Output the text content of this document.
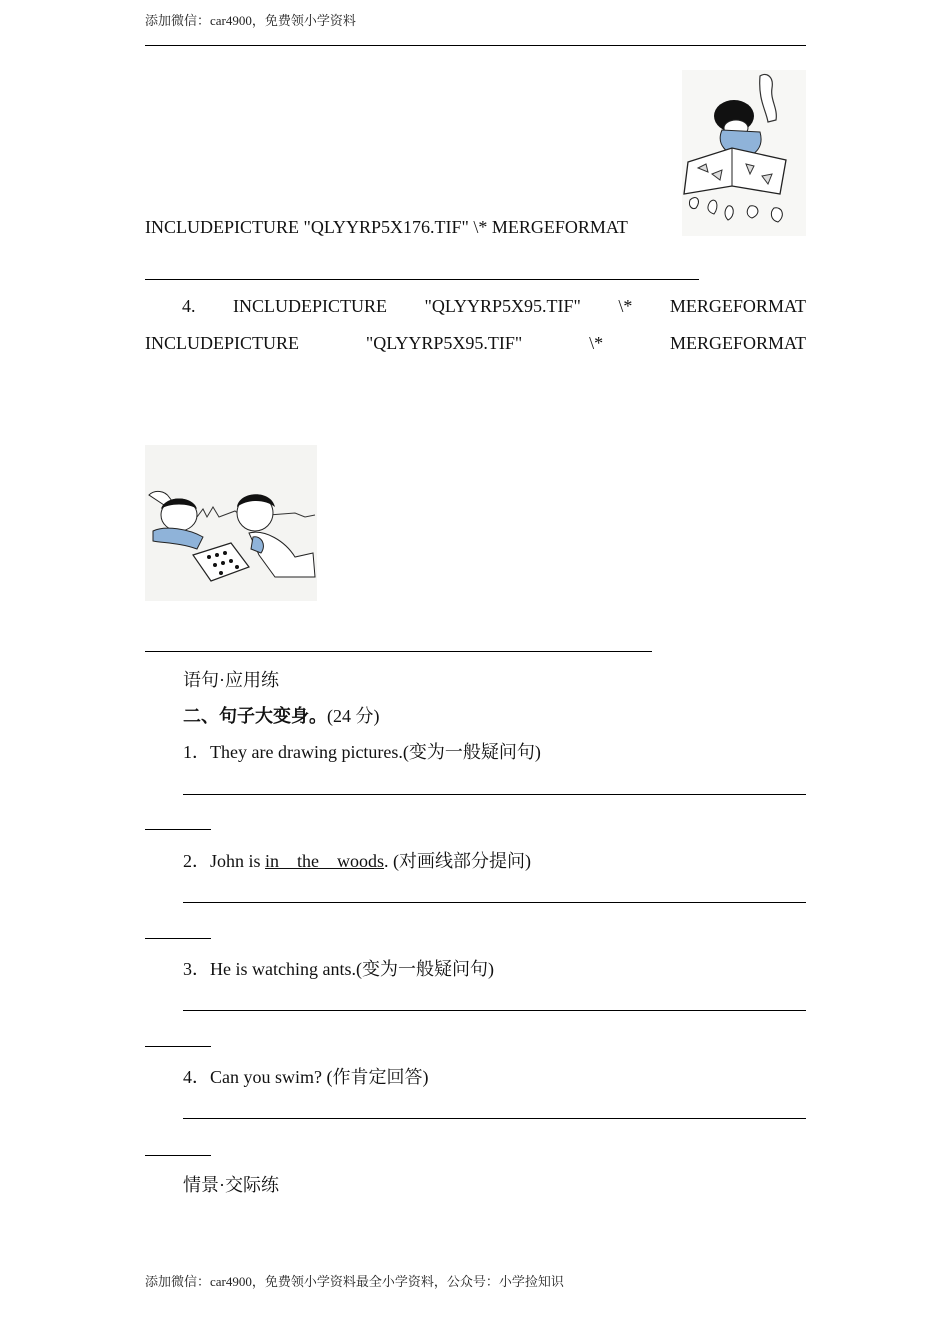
添加微信：car4900，免费领小学资料
INCLUDEPICTURE "QLYYRP5X176.TIF" \* MERGEFORMAT
4. INCLUDEPICTURE "QLYYRP5X95.TIF" \* MERGEFORMAT
INCLUDEPICTURE	"QLYYRP5X95.TIF"	\*	MERGEFORMAT
语句·应用练
二、句子大变身。(24 分)
1．They are drawing pictures.(变为一般疑问句)
2．John is in    the    woods. (对画线部分提问)
3．He is watching ants.(变为一般疑问句)
4．Can you swim? (作肯定回答)
情景·交际练
添加微信：car4900，免费领小学资料最全小学资料，公众号：小学捡知识
